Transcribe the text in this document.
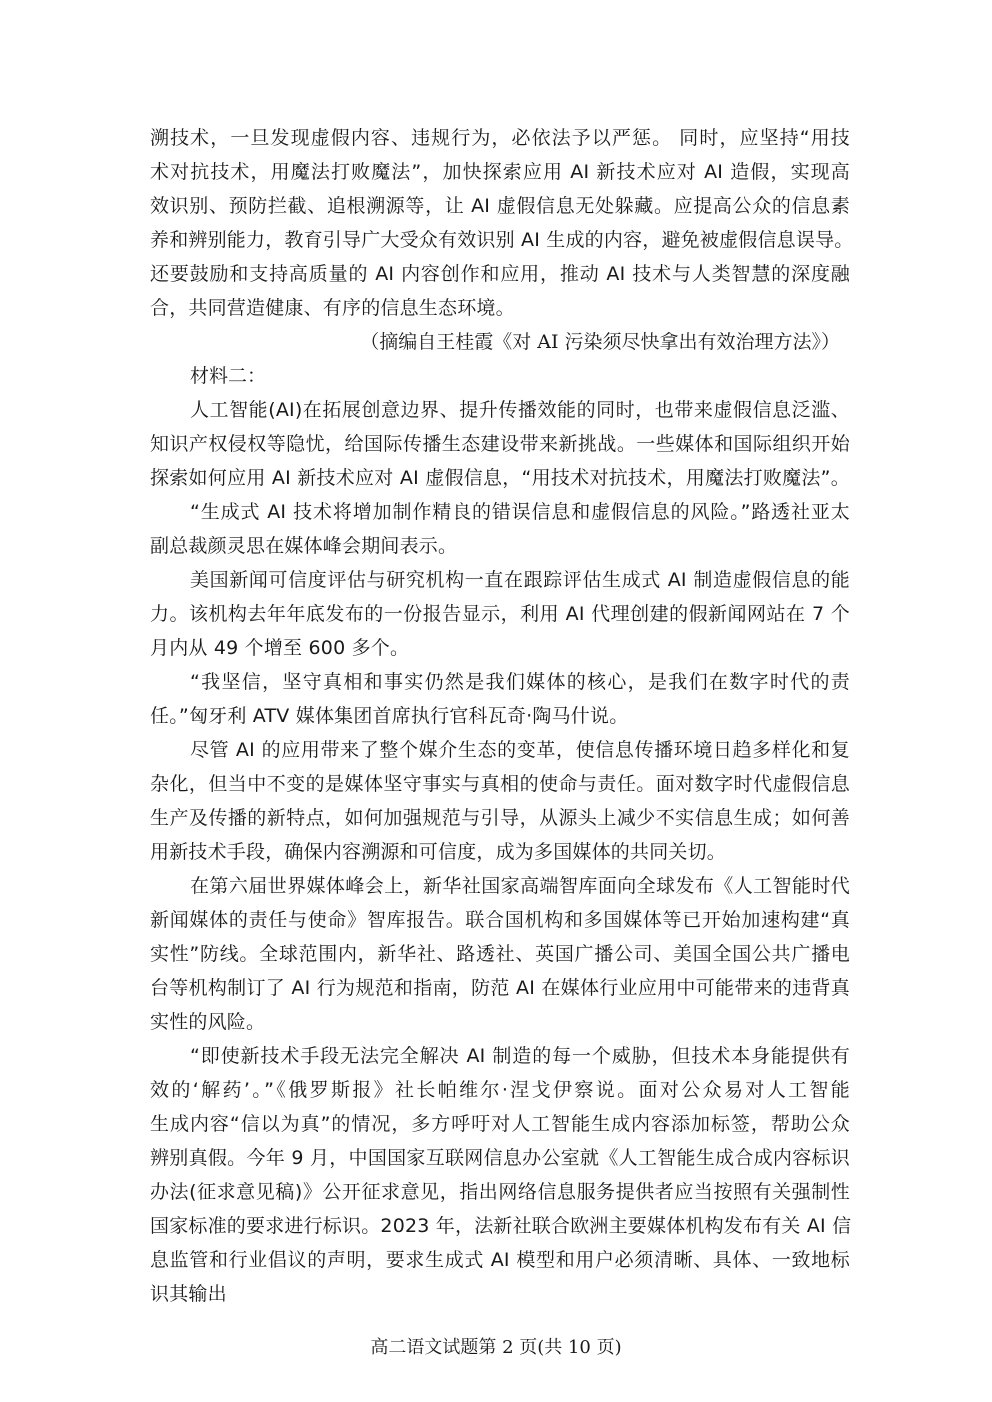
溯技术，一旦发现虚假内容、违规行为，必依法予以严惩。 同时，应坚持“用技
术对抗技术，用魔法打败魔法”，加快探索应用 AI 新技术应对 AI 造假，实现高
效识别、预防拦截、追根溯源等，让 AI 虚假信息无处躲藏。应提高公众的信息素
养和辨别能力，教育引导广大受众有效识别 AI 生成的内容，避免被虚假信息误导。
还要鼓励和支持高质量的 AI 内容创作和应用，推动 AI 技术与人类智慧的深度融
合，共同营造健康、有序的信息生态环境。
（摘编自王桂霞《对 AI 污染须尽快拿出有效治理方法》）
材料二：
人工智能(AI)在拓展创意边界、提升传播效能的同时，也带来虚假信息泛滥、
知识产权侵权等隐忧，给国际传播生态建设带来新挑战。一些媒体和国际组织开始
探索如何应用 AI 新技术应对 AI 虚假信息，“用技术对抗技术，用魔法打败魔法”。
“生成式 AI 技术将增加制作精良的错误信息和虚假信息的风险。”路透社亚太
副总裁颜灵思在媒体峰会期间表示。
美国新闻可信度评估与研究机构一直在跟踪评估生成式 AI 制造虚假信息的能
力。该机构去年年底发布的一份报告显示，利用 AI 代理创建的假新闻网站在 7 个
月内从 49 个增至 600 多个。
“我坚信，坚守真相和事实仍然是我们媒体的核心，是我们在数字时代的责
任。”匈牙利 ATV 媒体集团首席执行官科瓦奇·陶马什说。
尽管 AI 的应用带来了整个媒介生态的变革，使信息传播环境日趋多样化和复
杂化，但当中不变的是媒体坚守事实与真相的使命与责任。面对数字时代虚假信息
生产及传播的新特点，如何加强规范与引导，从源头上减少不实信息生成；如何善
用新技术手段，确保内容溯源和可信度，成为多国媒体的共同关切。
在第六届世界媒体峰会上，新华社国家高端智库面向全球发布《人工智能时代
新闻媒体的责任与使命》智库报告。联合国机构和多国媒体等已开始加速构建“真
实性”防线。全球范围内，新华社、路透社、英国广播公司、美国全国公共广播电
台等机构制订了 AI 行为规范和指南，防范 AI 在媒体行业应用中可能带来的违背真
实性的风险。
“即使新技术手段无法完全解决 AI 制造的每一个威胁，但技术本身能提供有
效的‘解药’。”《俄罗斯报》社长帕维尔·涅戈伊察说。面对公众易对人工智能
生成内容“信以为真”的情况，多方呼吁对人工智能生成内容添加标签，帮助公众
辨别真假。今年 9 月，中国国家互联网信息办公室就《人工智能生成合成内容标识
办法(征求意见稿)》公开征求意见，指出网络信息服务提供者应当按照有关强制性
国家标准的要求进行标识。2023 年，法新社联合欧洲主要媒体机构发布有关 AI 信
息监管和行业倡议的声明，要求生成式 AI 模型和用户必须清晰、具体、一致地标
识其输出
高二语文试题第 2 页(共 10 页)
